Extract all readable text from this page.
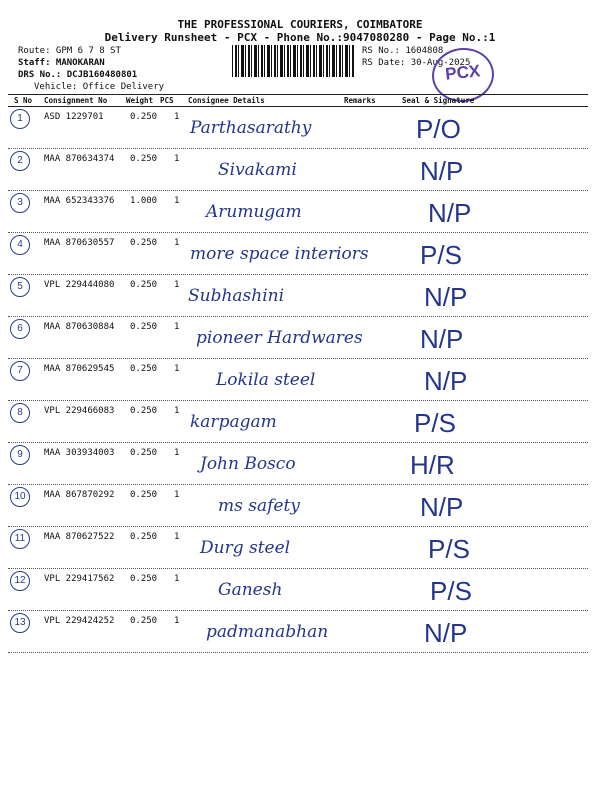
THE PROFESSIONAL COURIERS, COIMBATORE
Delivery Runsheet - PCX - Phone No.:9047080280 - Page No.:1
Route: GPM 6 7 8 ST
Staff: MANOKARAN
DRS No.: DCJB160480801
Vehicle: Office Delivery
RS No.: 1604808
RS Date: 30-Aug-2025
PCX
S No Consignment No	Weight PCS Consignee Details	Remarks	Seal & Signature
1	ASD 1229701	0.250 1
Parthasarathy	P/O
2	MAA 870634374 0.250 1
Sivakami	N/P
3	MAA 652343376 1.000 1
Arumugam	N/P
4	MAA 870630557 0.250 1
more space interiors P/S
5	VPL 229444080 0.250 1
Subhashini	N/P
6	MAA 870630884 0.250 1
pioneer Hardwares N/P
7	MAA 870629545 0.250 1
Lokila steel	N/P
8	VPL 229466083 0.250 1
karpagam	P/S
9	MAA 303934003 0.250 1
John Bosco	H/R
10	MAA 867870292 0.250 1
ms safety	N/P
11	MAA 870627522 0.250 1
Durg steel	P/S
12	VPL 229417562 0.250 1
Ganesh	P/S
13	VPL 229424252 0.250 1
padmanabhan	N/P
